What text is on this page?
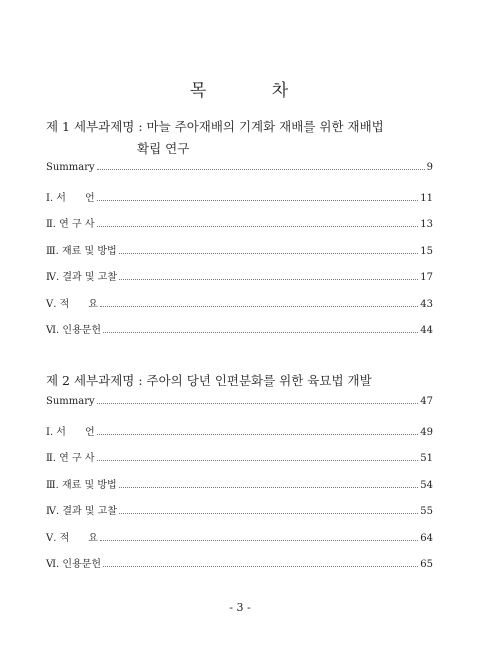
목	차
제 1 세부과제명 : 마늘 주아재배의 기계화 재배를 위한 재배법
확립 연구
Summary	9
Ⅰ. 서      언	11
Ⅱ. 연 구 사	13
Ⅲ. 재료 및 방법	15
Ⅳ. 결과 및 고찰	17
Ⅴ. 적      요	43
Ⅵ. 인용문헌	44
제 2 세부과제명 : 주아의 당년 인편분화를 위한 육묘법 개발
Summary	47
Ⅰ. 서      언	49
Ⅱ. 연 구 사	51
Ⅲ. 재료 및 방법	54
Ⅳ. 결과 및 고찰	55
Ⅴ. 적      요	64
Ⅵ. 인용문헌	65
- 3 -
